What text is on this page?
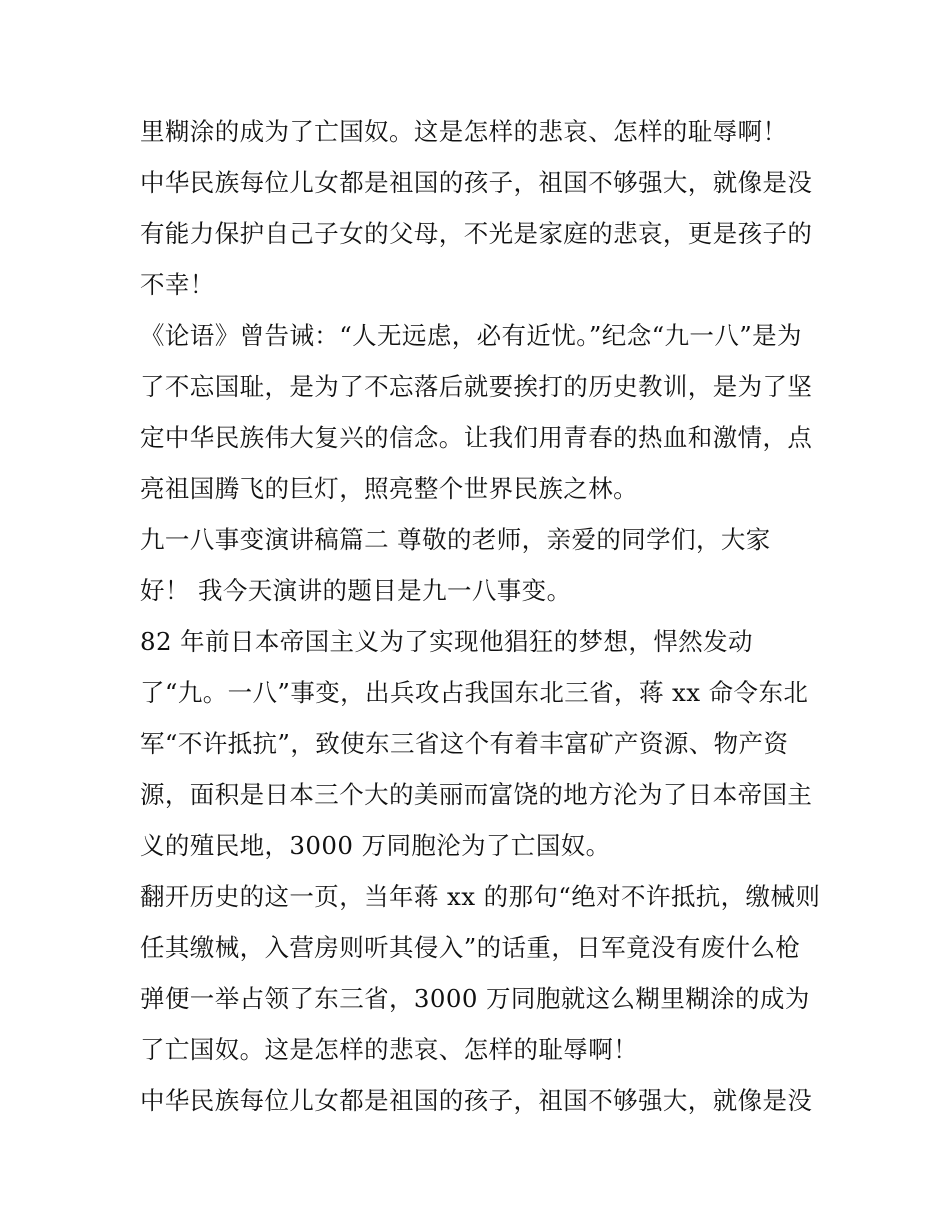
里糊涂的成为了亡国奴。这是怎样的悲哀、怎样的耻辱啊！
中华民族每位儿女都是祖国的孩子，祖国不够强大，就像是没
有能力保护自己子女的父母，不光是家庭的悲哀，更是孩子的
不幸！
《论语》曾告诫：“人无远虑，必有近忧。”纪念“九一八”是为
了不忘国耻，是为了不忘落后就要挨打的历史教训，是为了坚
定中华民族伟大复兴的信念。让我们用青春的热血和激情，点
亮祖国腾飞的巨灯，照亮整个世界民族之林。
九一八事变演讲稿篇二 尊敬的老师，亲爱的同学们，大家
好！ 我今天演讲的题目是九一八事变。
82 年前日本帝国主义为了实现他猖狂的梦想，悍然发动
了“九。一八”事变，出兵攻占我国东北三省，蒋 xx 命令东北
军“不许抵抗”，致使东三省这个有着丰富矿产资源、物产资
源，面积是日本三个大的美丽而富饶的地方沦为了日本帝国主
义的殖民地，3000 万同胞沦为了亡国奴。
翻开历史的这一页，当年蒋 xx 的那句“绝对不许抵抗，缴械则
任其缴械，入营房则听其侵入”的话重，日军竟没有废什么枪
弹便一举占领了东三省，3000 万同胞就这么糊里糊涂的成为
了亡国奴。这是怎样的悲哀、怎样的耻辱啊！
中华民族每位儿女都是祖国的孩子，祖国不够强大，就像是没
